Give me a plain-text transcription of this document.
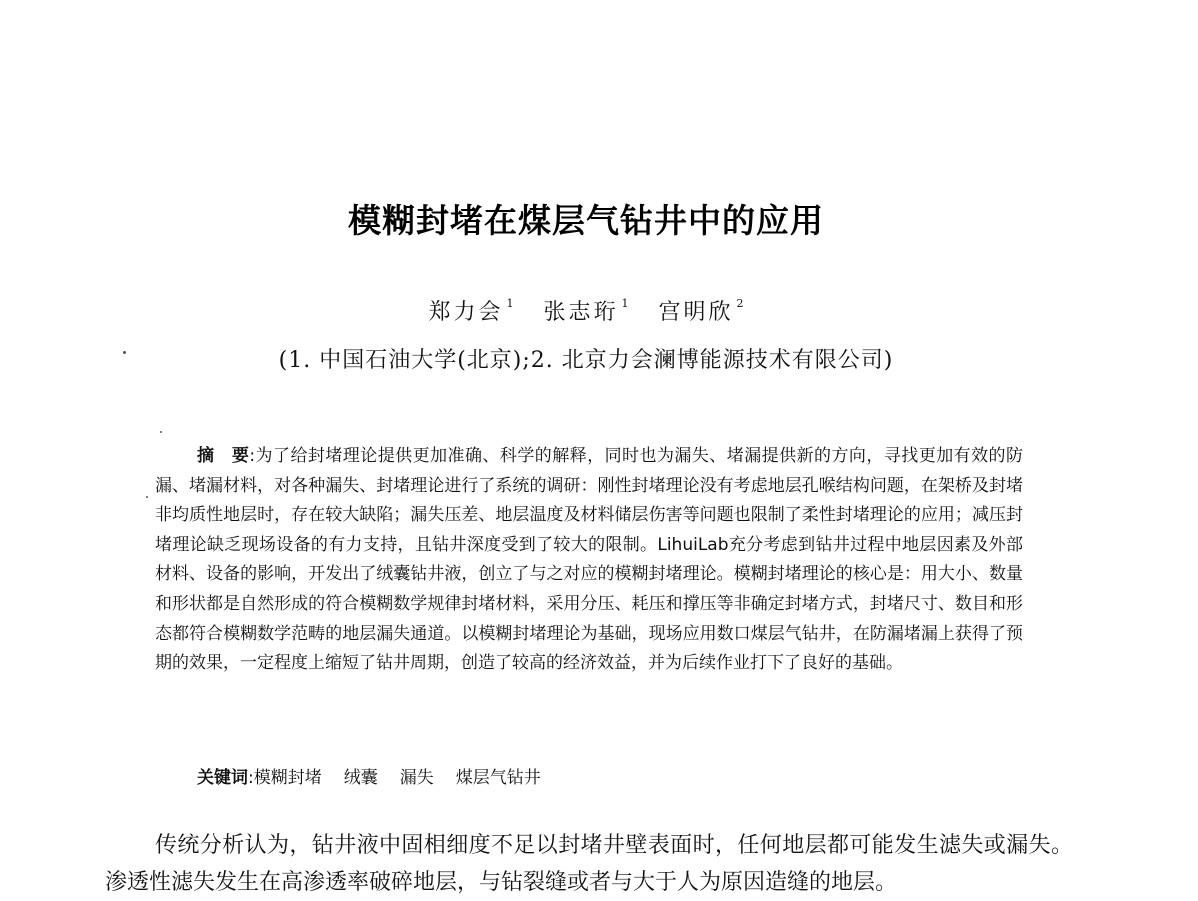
模糊封堵在煤层气钻井中的应用
郑力会 $^1$ 张志珩 $^1$ 宫明欣 $^2$
(1. 中国石油大学(北京);2. 北京力会澜博能源技术有限公司)
摘　要:为了给封堵理论提供更加准确、科学的解释，同时也为漏失、堵漏提供新的方向，寻找更加有效的防漏、堵漏材料，对各种漏失、封堵理论进行了系统的调研：刚性封堵理论没有考虑地层孔喉结构问题，在架桥及封堵非均质性地层时，存在较大缺陷；漏失压差、地层温度及材料储层伤害等问题也限制了柔性封堵理论的应用；减压封堵理论缺乏现场设备的有力支持，且钻井深度受到了较大的限制。LihuiLab充分考虑到钻井过程中地层因素及外部材料、设备的影响，开发出了绒囊钻井液，创立了与之对应的模糊封堵理论。模糊封堵理论的核心是：用大小、数量和形状都是自然形成的符合模糊数学规律封堵材料，采用分压、耗压和撑压等非确定封堵方式，封堵尺寸、数目和形态都符合模糊数学范畴的地层漏失通道。以模糊封堵理论为基础，现场应用数口煤层气钻井，在防漏堵漏上获得了预期的效果，一定程度上缩短了钻井周期，创造了较高的经济效益，并为后续作业打下了良好的基础。
关键词:模糊封堵 绒囊 漏失 煤层气钻井

传统分析认为，钻井液中固相细度不足以封堵井壁表面时，任何地层都可能发生滤失或漏失。渗透性滤失发生在高渗透率破碎地层，与钻裂缝或者与大于人为原因造缝的地层。
